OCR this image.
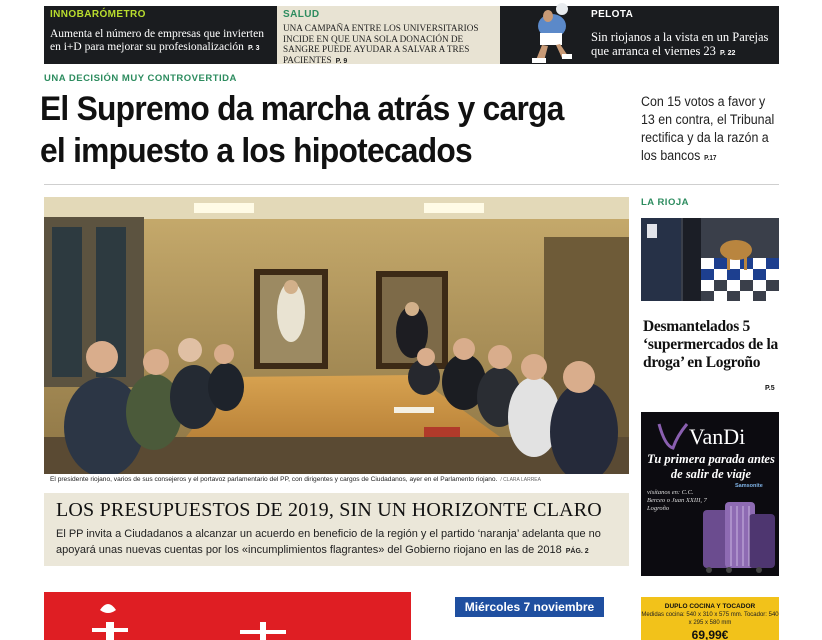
INNOBARÓMETRO
Aumenta el número de empresas que invierten en i+D para mejorar su profesionalización P. 3
SALUD
UNA CAMPAÑA ENTRE LOS UNIVERSITARIOS INCIDE EN QUE UNA SOLA DONACIÓN DE SANGRE PUEDE AYUDAR A SALVAR A TRES PACIENTES P. 9
PELOTA
Sin riojanos a la vista en un Parejas que arranca el viernes 23 P. 22
UNA DECISIÓN MUY CONTROVERTIDA
El Supremo da marcha atrás y carga el impuesto a los hipotecados
Con 15 votos a favor y 13 en contra, el Tribunal rectifica y da la razón a los bancos P.17
El presidente riojano, varios de sus consejeros y el portavoz parlamentario del PP, con dirigentes y cargos de Ciudadanos, ayer en el Parlamento riojano. / CLARA LARREA
LOS PRESUPUESTOS DE 2019, SIN UN HORIZONTE CLARO
El PP invita a Ciudadanos a alcanzar un acuerdo en beneficio de la región y el partido ‘naranja’ adelanta que no apoyará unas nuevas cuentas por los «incumplimientos flagrantes» del Gobierno riojano en las de 2018 PÁG. 2
LA RIOJA
Desmantelados 5 ‘supermercados de la droga’ en Logroño
P.5
VanDi
Tu primera parada antes de salir de viaje
Samsonite
visítanos en: C.C. Berceo o Juan XXIII, 7 Logroño
Miércoles 7 noviembre	DUPLO COCINA Y TOCADOR
Medidas cocina: 540 x 310 x 575 mm. Tocador: 540 x 295 x 580 mm
69,99€
